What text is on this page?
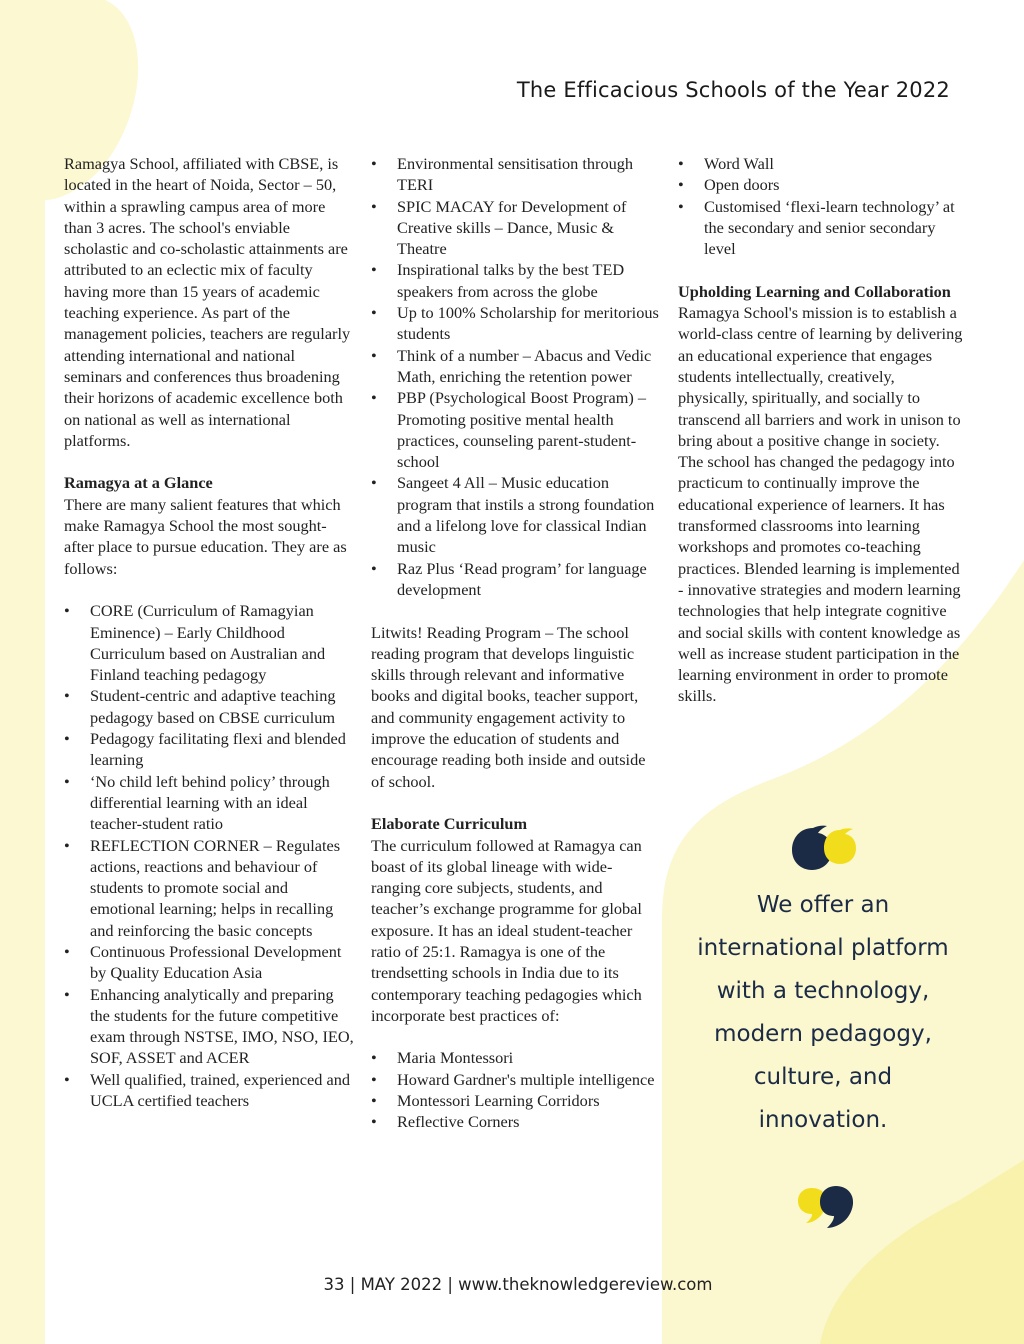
The Efficacious Schools of the Year 2022

Ramagya School, affiliated with CBSE, is located in the heart of Noida, Sector – 50, within a sprawling campus area of more than 3 acres. The school's enviable scholastic and co-scholastic attainments are attributed to an eclectic mix of faculty having more than 15 years of academic teaching experience. As part of the management policies, teachers are regularly attending international and national seminars and conferences thus broadening their horizons of academic excellence both on national as well as international platforms.

Ramagya at a Glance

There are many salient features that which make Ramagya School the most sought-after place to pursue education. They are as follows:

• CORE (Curriculum of Ramagyian Eminence) – Early Childhood Curriculum based on Australian and Finland teaching pedagogy
• Student-centric and adaptive teaching pedagogy based on CBSE curriculum
• Pedagogy facilitating flexi and blended learning
• ‘No child left behind policy’ through differential learning with an ideal teacher-student ratio
• REFLECTION CORNER – Regulates actions, reactions and behaviour of students to promote social and emotional learning; helps in recalling and reinforcing the basic concepts
• Continuous Professional Development by Quality Education Asia
• Enhancing analytically and preparing the students for the future competitive exam through NSTSE, IMO, NSO, IEO, SOF, ASSET and ACER
• Well qualified, trained, experienced and UCLA certified teachers
• Environmental sensitisation through TERI
• SPIC MACAY for Development of Creative skills – Dance, Music & Theatre
• Inspirational talks by the best TED speakers from across the globe
• Up to 100% Scholarship for meritorious students
• Think of a number – Abacus and Vedic Math, enriching the retention power
• PBP (Psychological Boost Program) – Promoting positive mental health practices, counseling parent-student-school
• Sangeet 4 All – Music education program that instils a strong foundation and a lifelong love for classical Indian music
• Raz Plus ‘Read program’ for language development

Litwits! Reading Program – The school reading program that develops linguistic skills through relevant and informative books and digital books, teacher support, and community engagement activity to improve the education of students and encourage reading both inside and outside of school.

Elaborate Curriculum

The curriculum followed at Ramagya can boast of its global lineage with wide-ranging core subjects, students, and teacher’s exchange programme for global exposure. It has an ideal student-teacher ratio of 25:1. Ramagya is one of the trendsetting schools in India due to its contemporary teaching pedagogies which incorporate best practices of:

• Maria Montessori
• Howard Gardner's multiple intelligence
• Montessori Learning Corridors
• Reflective Corners
• Word Wall
• Open doors
• Customised ‘flexi-learn technology’ at the secondary and senior secondary level
Upholding Learning and Collaboration

Ramagya School's mission is to establish a world-class centre of learning by delivering an educational experience that engages students intellectually, creatively, physically, spiritually, and socially to transcend all barriers and work in unison to bring about a positive change in society.

The school has changed the pedagogy into practicum to continually improve the educational experience of learners. It has transformed classrooms into learning workshops and promotes co-teaching practices. Blended learning is implemented - innovative strategies and modern learning technologies that help integrate cognitive and social skills with content knowledge as well as increase student participation in the learning environment in order to promote skills.

We offer an
international platform
with a technology,
modern pedagogy,
culture, and
innovation.
33 | MAY 2022 | www.theknowledgereview.com
